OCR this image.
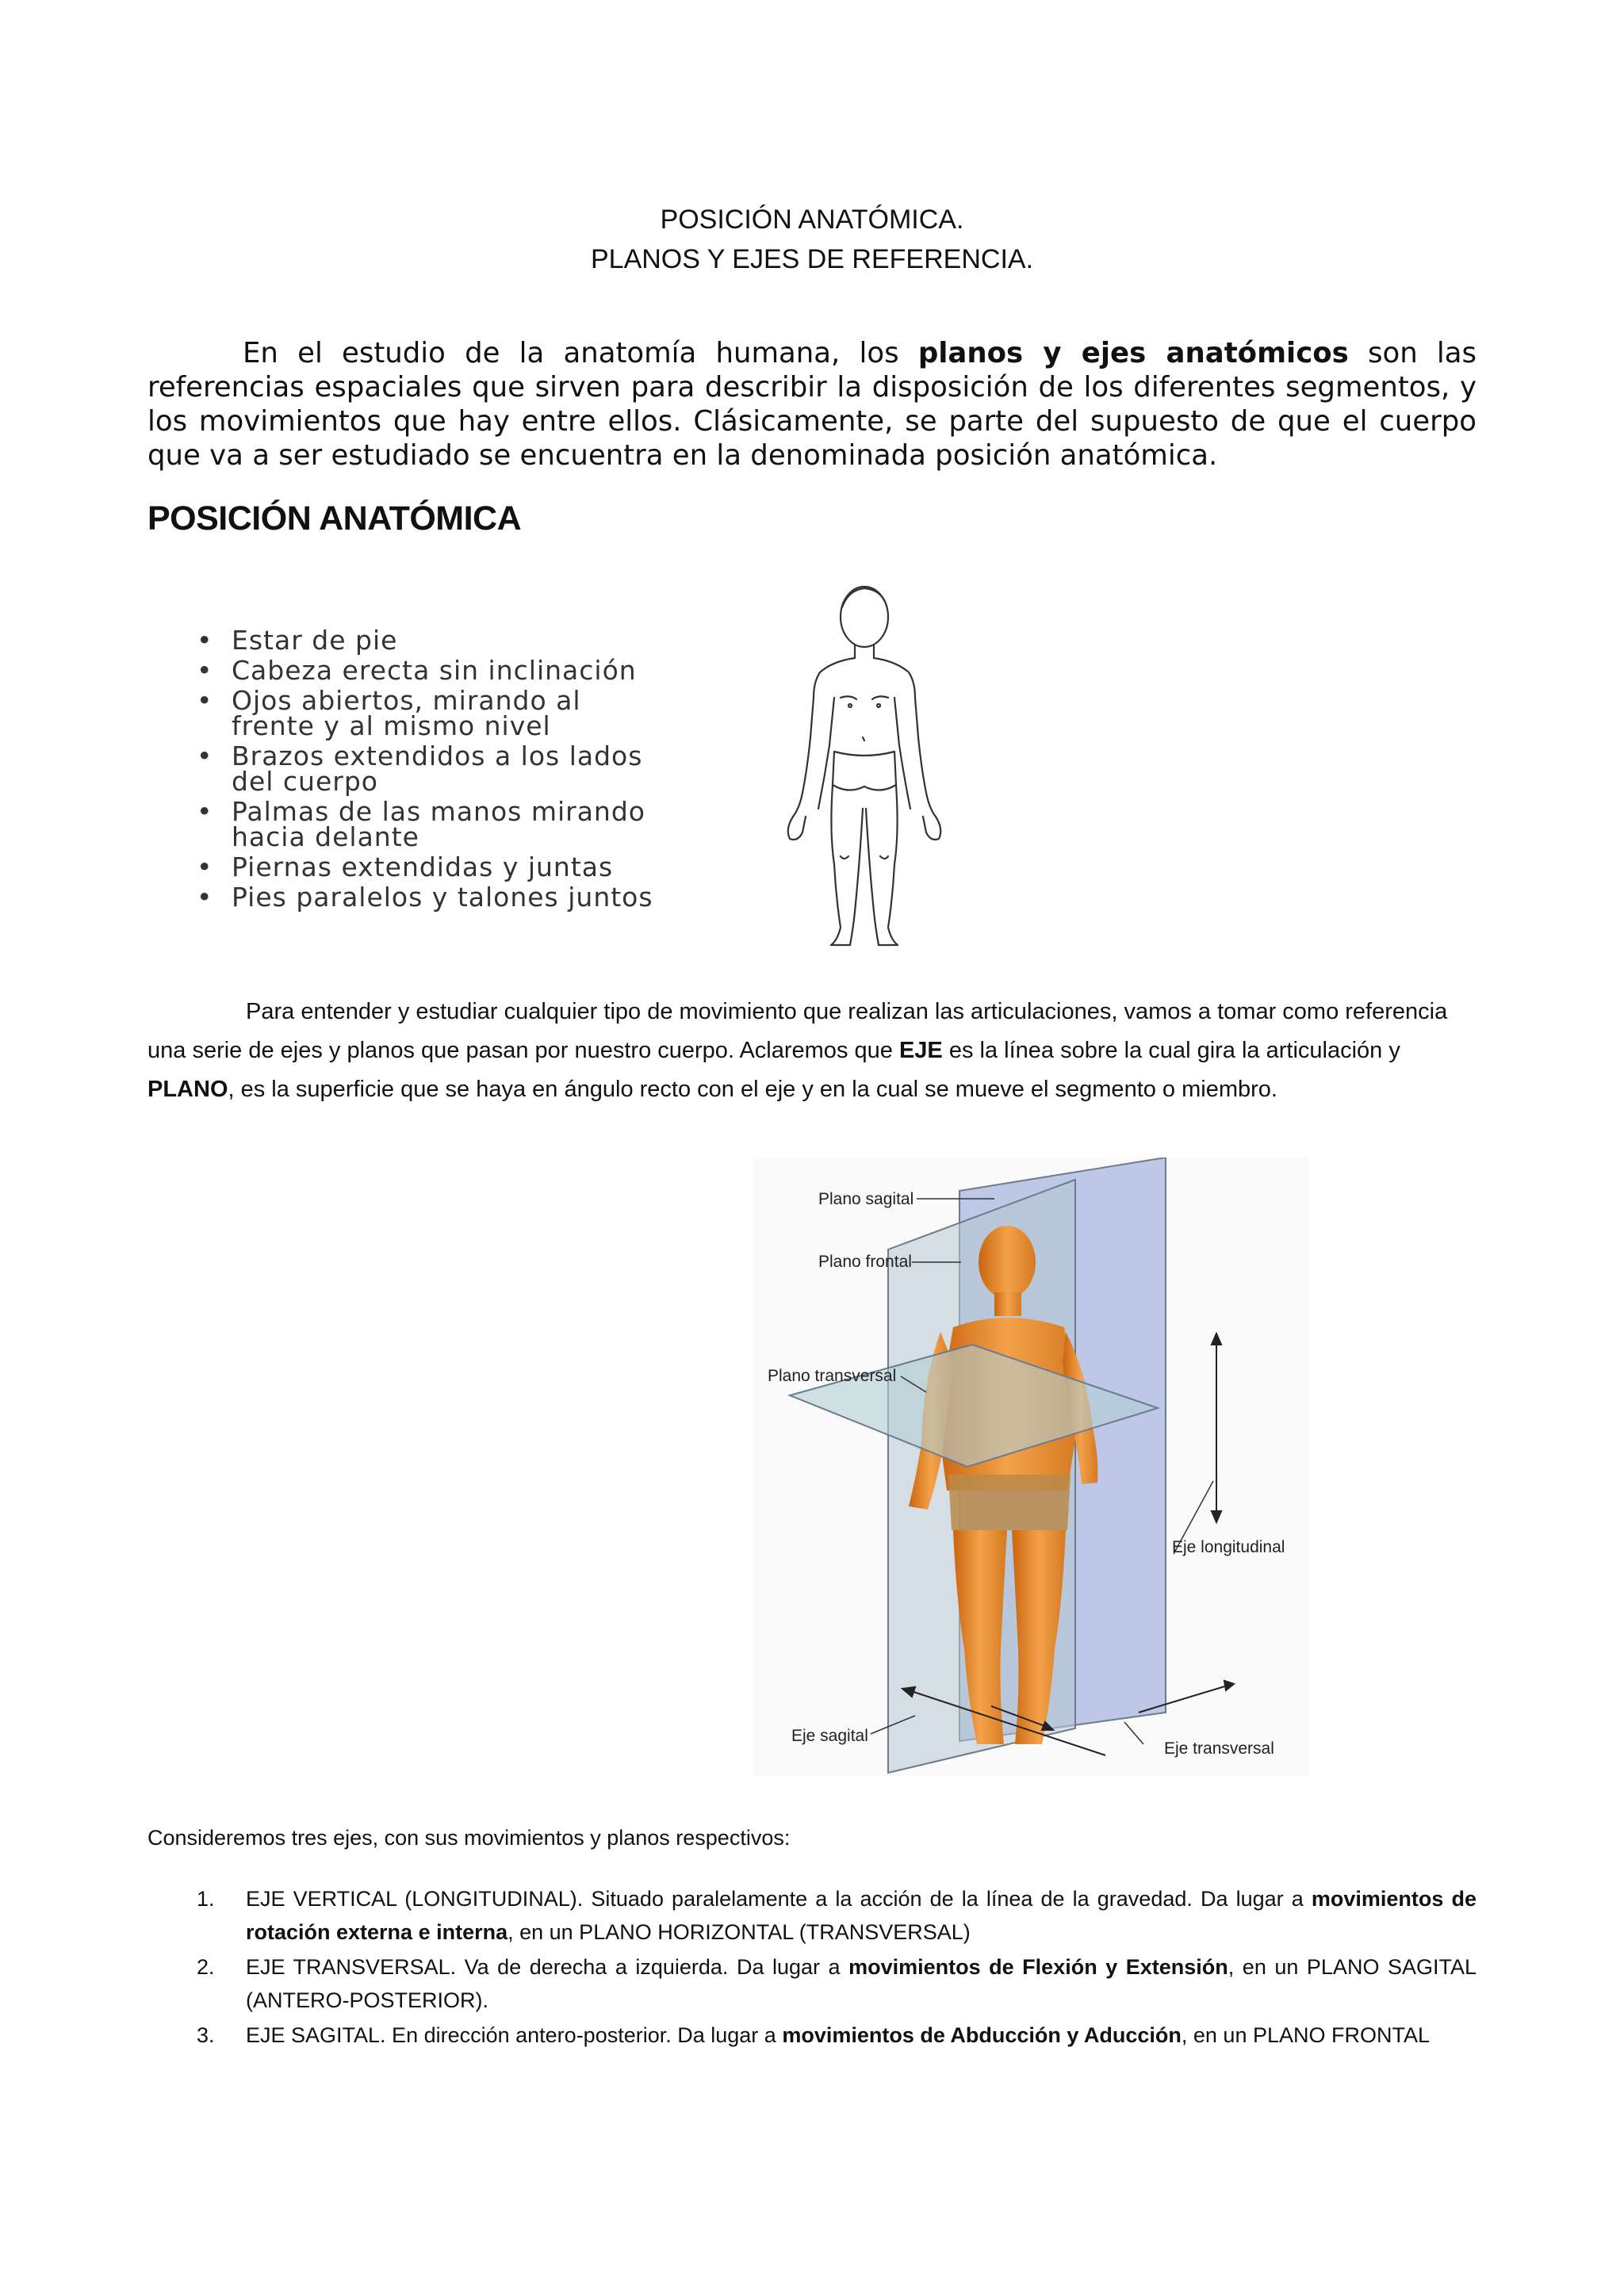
POSICIÓN ANATÓMICA.
PLANOS Y EJES DE REFERENCIA.

En el estudio de la anatomía humana, los planos y ejes anatómicos son las referencias espaciales que sirven para describir la disposición de los diferentes segmentos, y los movimientos que hay entre ellos. Clásicamente, se parte del supuesto de que el cuerpo que va a ser estudiado se encuentra en la denominada posición anatómica.

POSICIÓN ANATÓMICA
• Estar de pie
• Cabeza erecta sin inclinación
• Ojos abiertos, mirando al
frente y al mismo nivel
• Brazos extendidos a los lados
del cuerpo
• Palmas de las manos mirando
hacia delante
• Piernas extendidas y juntas
• Pies paralelos y talones juntos
Para entender y estudiar cualquier tipo de movimiento que realizan las articulaciones, vamos a tomar como referencia una serie de ejes y planos que pasan por nuestro cuerpo. Aclaremos que EJE es la línea sobre la cual gira la articulación y PLANO, es la superficie que se haya en ángulo recto con el eje y en la cual se mueve el segmento o miembro.
Plano sagital
Plano frontal
Plano transversal
Eje longitudinal
Eje sagital
Eje transversal
Consideremos tres ejes, con sus movimientos y planos respectivos:
1. EJE VERTICAL (LONGITUDINAL). Situado paralelamente a la acción de la línea de la gravedad. Da lugar a movimientos de rotación externa e interna, en un PLANO HORIZONTAL (TRANSVERSAL)
2. EJE TRANSVERSAL. Va de derecha a izquierda. Da lugar a movimientos de Flexión y Extensión, en un PLANO SAGITAL (ANTERO-POSTERIOR).
3. EJE SAGITAL. En dirección antero-posterior. Da lugar a movimientos de Abducción y Aducción, en un PLANO FRONTAL
